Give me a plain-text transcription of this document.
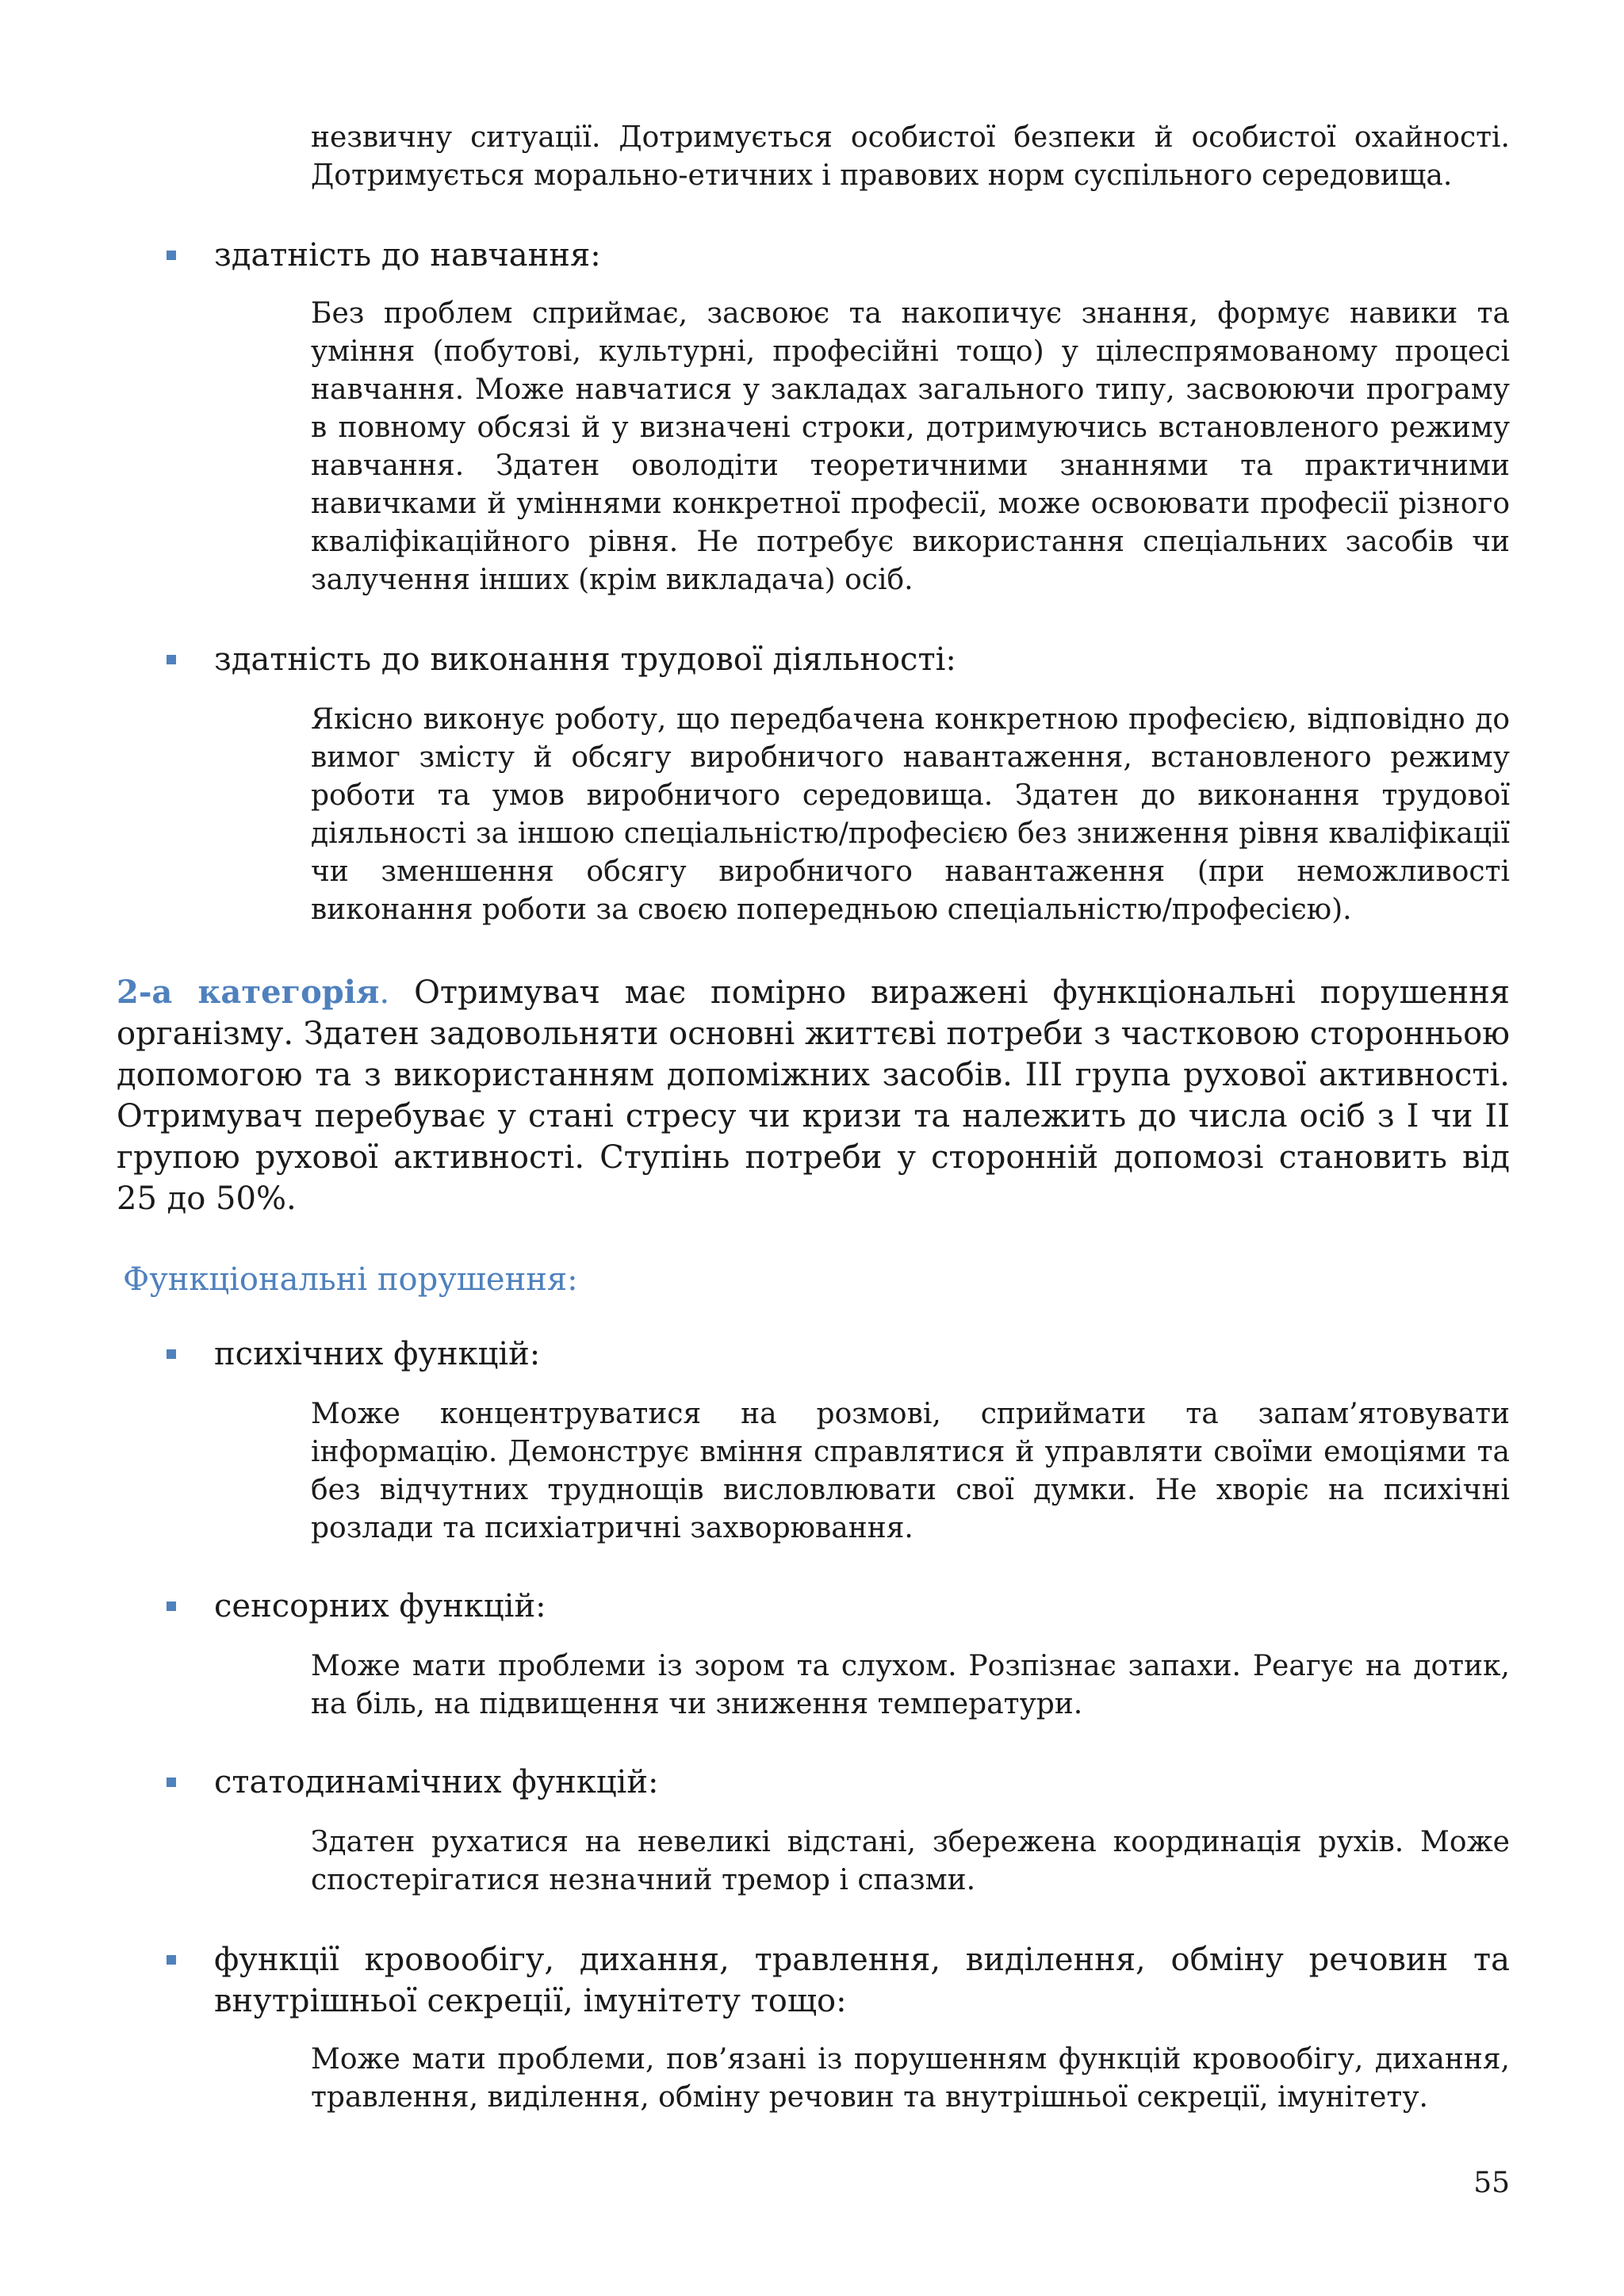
незвичну ситуації. Дотримується особистої безпеки й особистої охайності. Дотримується морально-етичних і правових норм суспільного середовища.

здатність до навчання:

Без проблем сприймає, засвоює та накопичує знання, формує навики та уміння (побутові, культурні, професійні тощо) у цілеспрямованому процесі навчання. Може навчатися у закладах загального типу, засвоюючи програму в повному обсязі й у визначені строки, дотримуючись встановленого режиму навчання. Здатен оволодіти теоретичними знаннями та практичними навичками й уміннями конкретної професії, може освоювати професії різного кваліфікаційного рівня. Не потребує використання спеціальних засобів чи залучення інших (крім викладача) осіб.

здатність до виконання трудової діяльності:

Якісно виконує роботу, що передбачена конкретною професією, відповідно до вимог змісту й обсягу виробничого навантаження, встановленого режиму роботи та умов виробничого середовища. Здатен до виконання трудової діяльності за іншою спеціальністю/професією без зниження рівня кваліфікації чи зменшення обсягу виробничого навантаження (при неможливості виконання роботи за своєю попередньою спеціальністю/професією).

2-а категорія. Отримувач має помірно виражені функціональні порушення організму. Здатен задовольняти основні життєві потреби з частковою сторонньою допомогою та з використанням допоміжних засобів. ІІІ група рухової активності. Отримувач перебуває у стані стресу чи кризи та належить до числа осіб з І чи ІІ групою рухової активності. Ступінь потреби у сторонній допомозі становить від 25 до 50%.

Функціональні порушення:

психічних функцій:

Може концентруватися на розмові, сприймати та запам’ятовувати інформацію. Демонструє вміння справлятися й управляти своїми емоціями та без відчутних труднощів висловлювати свої думки. Не хворіє на психічні розлади та психіатричні захворювання.

сенсорних функцій:

Може мати проблеми із зором та слухом. Розпізнає запахи. Реагує на дотик, на біль, на підвищення чи зниження температури.

статодинамічних функцій:

Здатен рухатися на невеликі відстані, збережена координація рухів. Може спостерігатися незначний тремор і спазми.

функції кровообігу, дихання, травлення, виділення, обміну речовин та внутрішньої секреції, імунітету тощо:

Може мати проблеми, пов’язані із порушенням функцій кровообігу, дихання, травлення, виділення, обміну речовин та внутрішньої секреції, імунітету.

55
